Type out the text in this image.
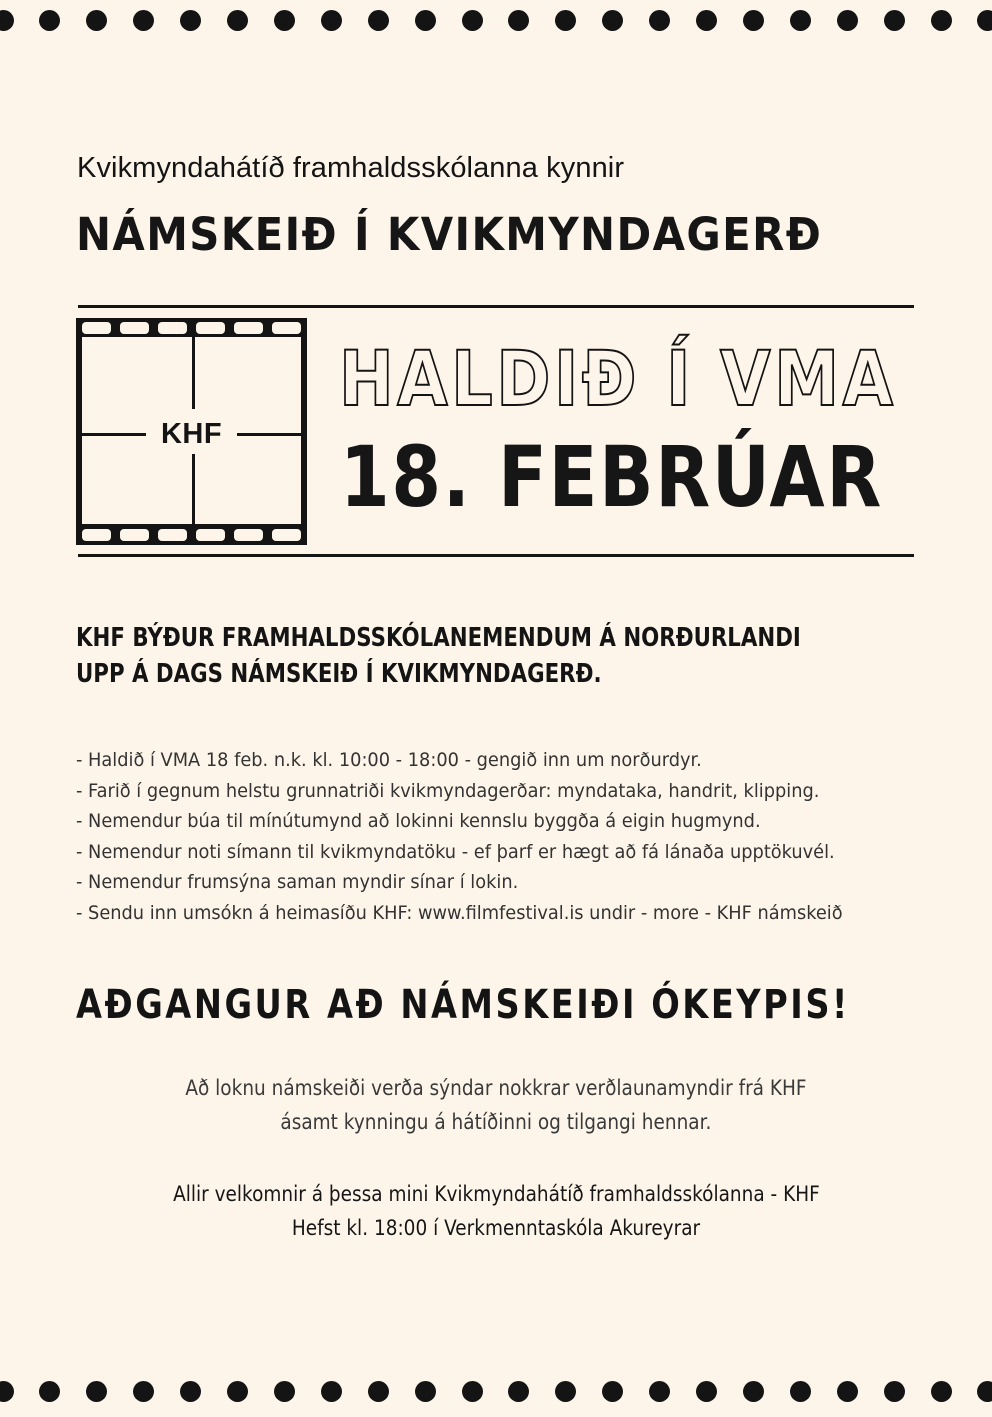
Kvikmyndahátíð framhaldsskólanna kynnir
NÁMSKEIÐ Í KVIKMYNDAGERÐ
KHF
HALDIÐ Í VMA
18. FEBRÚAR
KHF BÝÐUR FRAMHALDSSKÓLANEMENDUM Á NORÐURLANDI
UPP Á DAGS NÁMSKEIÐ Í KVIKMYNDAGERÐ.
- Haldið í VMA 18 feb. n.k. kl. 10:00 - 18:00 - gengið inn um norðurdyr.
- Farið í gegnum helstu grunnatriði kvikmyndagerðar: myndataka, handrit, klipping.
- Nemendur búa til mínútumynd að lokinni kennslu byggða á eigin hugmynd.
- Nemendur noti símann til kvikmyndatöku - ef þarf er hægt að fá lánaða upptökuvél.
- Nemendur frumsýna saman myndir sínar í lokin.
- Sendu inn umsókn á heimasíðu KHF: www.filmfestival.is undir - more - KHF námskeið
AÐGANGUR AÐ NÁMSKEIÐI ÓKEYPIS!
Að loknu námskeiði verða sýndar nokkrar verðlaunamyndir frá KHF
ásamt kynningu á hátíðinni og tilgangi hennar.
Allir velkomnir á þessa mini Kvikmyndahátíð framhaldsskólanna - KHF
Hefst kl. 18:00 í Verkmenntaskóla Akureyrar
